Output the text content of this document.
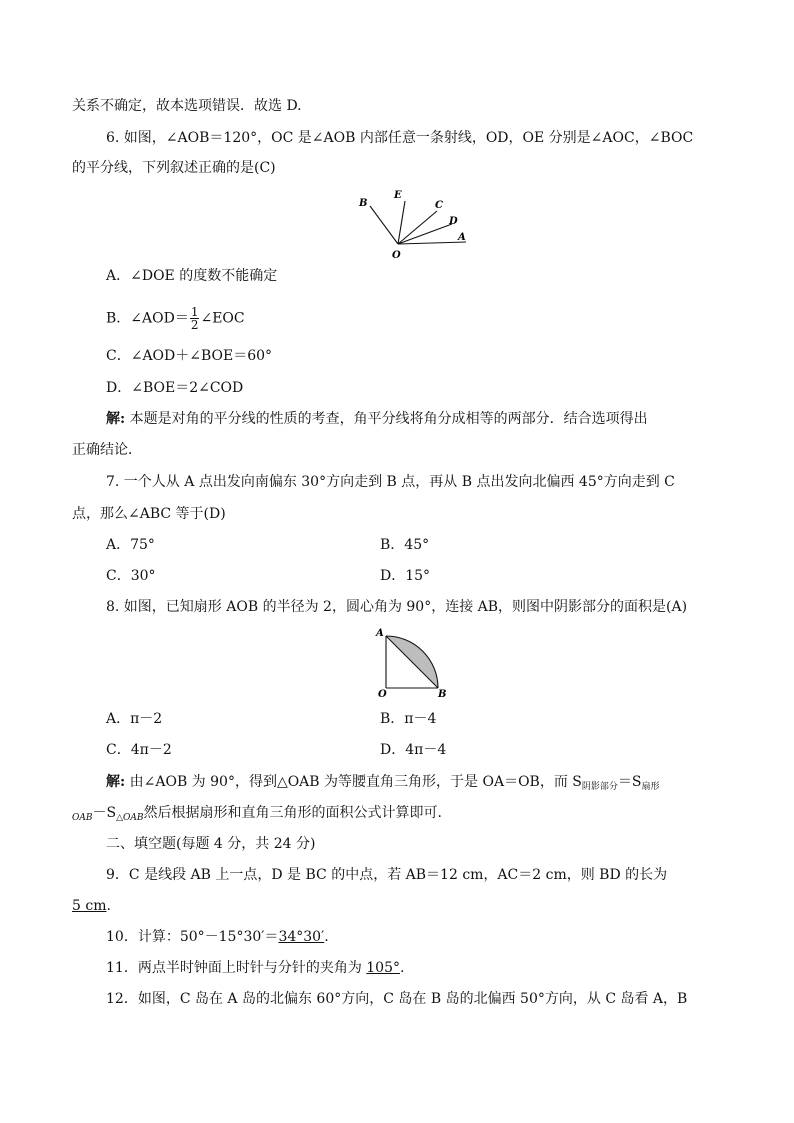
关系不确定，故本选项错误．故选 D.
6. 如图，∠AOB＝120°，OC 是∠AOB 内部任意一条射线，OD，OE 分别是∠AOC，∠BOC
的平分线，下列叙述正确的是(C)
B
E
C
D
A
O
A．∠DOE 的度数不能确定
B．∠AOD＝ $\frac{1}{2}$ ∠EOC
C．∠AOD＋∠BOE＝60°
D．∠BOE＝2∠COD
解: 本题是对角的平分线的性质的考查，角平分线将角分成相等的两部分．结合选项得出
正确结论．
7. 一个人从 A 点出发向南偏东 30°方向走到 B 点，再从 B 点出发向北偏西 45°方向走到 C
点，那么∠ABC 等于(D)
A．75°	B．45°
C．30°	D．15°
8. 如图，已知扇形 AOB 的半径为 2，圆心角为 90°，连接 AB，则图中阴影部分的面积是(A)
A
O	B
A．π－2	B．π－4
C．4π－2	D．4π－4
解: 由∠AOB 为 90°，得到△OAB 为等腰直角三角形，于是 OA＝OB，而 $S_{阴影部分}=S_{扇形}$
$_{OAB}-S_{\triangle OAB}$然后根据扇形和直角三角形的面积公式计算即可．
二、填空题(每题 4 分，共 24 分)
9．C 是线段 AB 上一点，D 是 BC 的中点，若 AB＝12 cm，AC＝2 cm，则 BD 的长为
5 cm.
10．计算：50°－15°30′＝34°30′.
11．两点半时钟面上时针与分针的夹角为 105°.
12．如图，C 岛在 A 岛的北偏东 60°方向，C 岛在 B 岛的北偏西 50°方向，从 C 岛看 A，B
